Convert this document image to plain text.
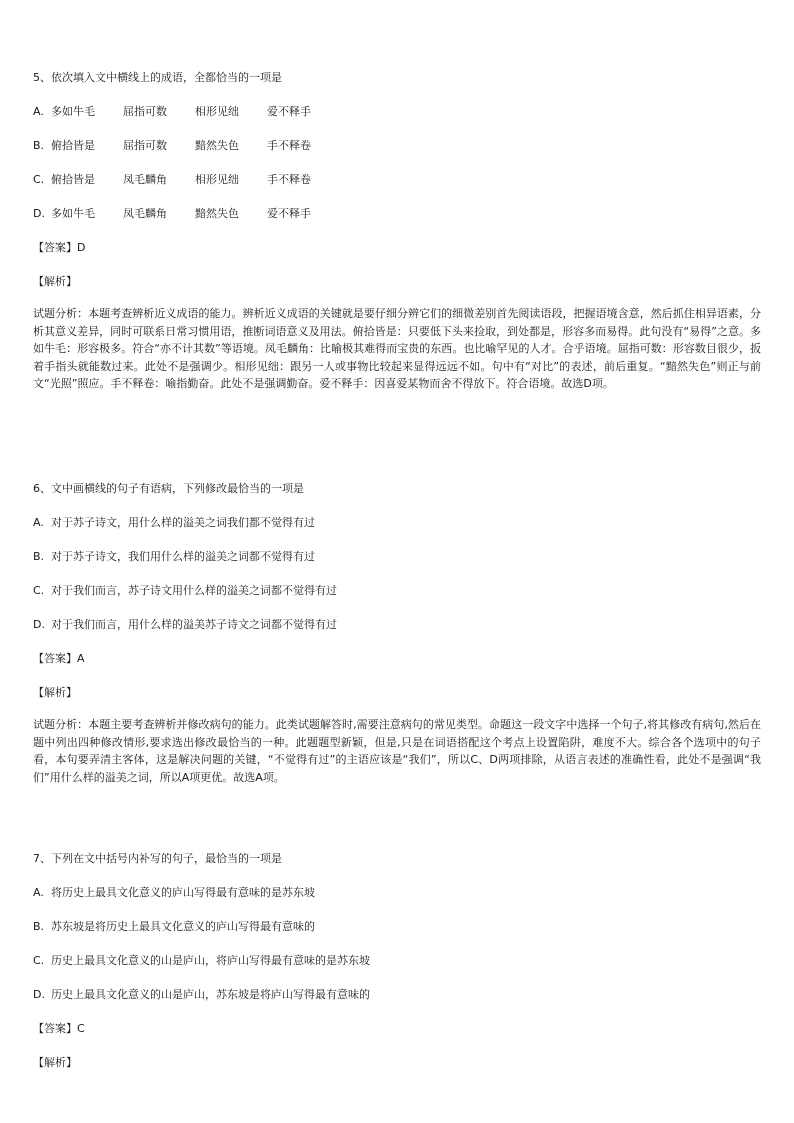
5、依次填入文中横线上的成语，全都恰当的一项是
A. 多如牛毛	屈指可数	相形见绌	爱不释手
B. 俯拾皆是	屈指可数	黯然失色	手不释卷
C. 俯拾皆是	凤毛麟角	相形见绌	手不释卷
D. 多如牛毛	凤毛麟角	黯然失色	爱不释手
【答案】D
【解析】
试题分析：本题考查辨析近义成语的能力。辨析近义成语的关键就是要仔细分辨它们的细微差别首先阅读语段，把握语境含意，然后抓住相异语素，分析其意义差异，同时可联系日常习惯用语，推断词语意义及用法。俯拾皆是：只要低下头来捡取，到处都是，形容多而易得。此句没有“易得”之意。多如牛毛：形容极多。符合“亦不计其数”等语境。凤毛麟角：比喻极其难得而宝贵的东西。也比喻罕见的人才。合乎语境。屈指可数：形容数目很少，扳着手指头就能数过来。此处不是强调少。相形见绌：跟另一人或事物比较起来显得远远不如。句中有“对比”的表述，前后重复。“黯然失色”则正与前文“光照”照应。手不释卷：喻指勤奋。此处不是强调勤奋。爱不释手：因喜爱某物而舍不得放下。符合语境。故选D项。
6、文中画横线的句子有语病，下列修改最恰当的一项是
A. 对于苏子诗文，用什么样的溢美之词我们都不觉得有过
B. 对于苏子诗文，我们用什么样的溢美之词都不觉得有过
C. 对于我们而言，苏子诗文用什么样的溢美之词都不觉得有过
D. 对于我们而言，用什么样的溢美苏子诗文之词都不觉得有过
【答案】A
【解析】
试题分析：本题主要考查辨析并修改病句的能力。此类试题解答时,需要注意病句的常见类型。命题这一段文字中选择一个句子,将其修改有病句,然后在题中列出四种修改情形,要求选出修改最恰当的一种。此题题型新颖，但是,只是在词语搭配这个考点上设置陷阱，难度不大。综合各个选项中的句子看，本句要弄清主客体，这是解决问题的关键，“不觉得有过”的主语应该是“我们”，所以C、D两项排除，从语言表述的准确性看，此处不是强调“我们”用什么样的溢美之词，所以A项更优。故选A项。
7、下列在文中括号内补写的句子，最恰当的一项是
A. 将历史上最具文化意义的庐山写得最有意味的是苏东坡
B. 苏东坡是将历史上最具文化意义的庐山写得最有意味的
C. 历史上最具文化意义的山是庐山，将庐山写得最有意味的是苏东坡
D. 历史上最具文化意义的山是庐山，苏东坡是将庐山写得最有意味的
【答案】C
【解析】
